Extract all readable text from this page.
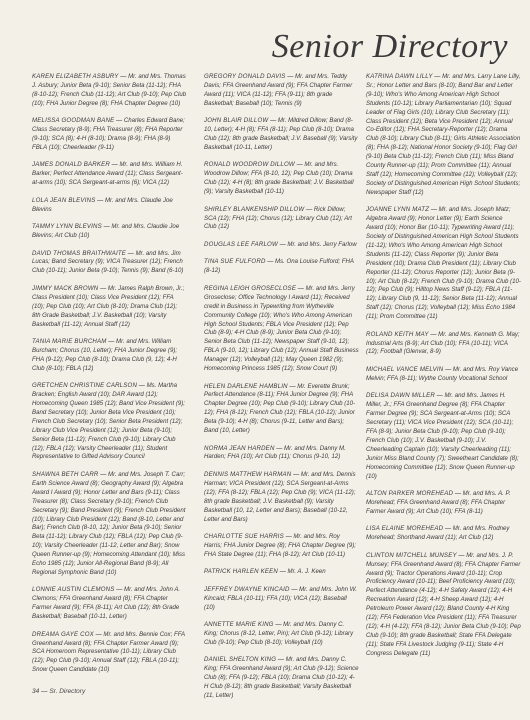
Senior Directory
KAREN ELIZABETH ASBURY — Mr. and Mrs. Thomas J. Asbury; Junior Beta (9-10); Senior Beta (11-12); FHA (8-10-12); French Club (11-12); Art Club (9-10); Pep Club (10); FHA Junior Degree (8); FHA Chapter Degree (10)
MELISSA GOODMAN BANE — Charles Edward Bane; Class Secretary (8-9); FHA Treasurer (8); FHA Reporter (9-10); SCA (8); 4-H (8-10); Drama (8-9); FHA (8-9) FBLA (10); Cheerleader (9-11)
JAMES DONALD BARKER — Mr. and Mrs. William H. Barker; Perfect Attendance Award (11); Class Sergeant-at-arms (10); SCA Sergeant-at-arms (6); VICA (12)
LOLA JEAN BLEVINS — Mr. and Mrs. Claudie Joe Blevins
TAMMY LYNN BLEVINS — Mr. and Mrs. Claudie Joe Blevins; Art Club (10)
DAVID THOMAS BRAITHWAITE — Mr. and Mrs. Jim Lucas; Band Secretary (9); VICA Treasurer (12); French Club (10-11); Junior Beta (9-10); Tennis (9); Band (6-10)
JIMMY MACK BROWN — Mr. James Ralph Brown, Jr.; Class President (10); Class Vice President (12); FFA (10); Pep Club (10); Art Club (8-10); Drama Club (12); 8th Grade Basketball; J.V. Basketball (10); Varsity Basketball (11-12); Annual Staff (12)
TANIA MARIE BURCHAM — Mr. and Mrs. William Burcham; Chorus (10, Letter); FHA Junior Degree (9); FHA (9-12); Pep Club (8-10); Drama Club (9, 12); 4-H Club (8-10); FBLA (12)
GRETCHEN CHRISTINE CARLSON — Ms. Martha Bracken; English Award (10); DAR Award (12); Homecoming Queen 1985 (12); Band Vice President (9); Band Secretary (10); Junior Beta Vice President (10); French Club Secretary (10); Senior Beta President (12); Library Club Vice President (12); Junior Beta (9-10); Senior Beta (11-12); French Club (9-10); Library Club (12); FBLA (12); Varsity Cheerleader (11); Student Representative to Gifted Advisory Council
SHAWNA BETH CARR — Mr. and Mrs. Joseph T. Carr; Earth Science Award (8); Geography Award (9); Algebra Award I Award (9); Honor Letter and Bars (9-11); Class Treasurer (8); Class Secretary (9-10); French Club Secretary (9); Band President (9); French Club President (10); Library Club President (12); Band (8-10, Letter and Bar); French Club (8-10, 12); Junior Beta (9-10); Senior Beta (11-12); Library Club (12); FBLA (12); Pep Club (9-10); Varsity Cheerleader (11-12, Letter and Bar); Snow Queen Runner-up (9); Homecoming Attendant (10); Miss Echo 1985 (12); Junior All-Regional Band (8-9); All Regional Symphonic Band (10)
LONNIE AUSTIN CLEMONS — Mr. and Mrs. John A. Clemons; FFA Greenhand Award (8); FFA Chapter Farmer Award (9); FFA (8-11); Art Club (12); 8th Grade Basketball; Baseball (10-11, Letter)
DREAMA GAYE COX — Mr. and Mrs. Bennie Cox; FFA Greenhand Award (8); FFA Chapter Farmer Award (9); SCA Homeroom Representative (10-11); Library Club (12); Pep Club (9-10); Annual Staff (12); FBLA (10-11); Snow Queen Candidate (10)
GREGORY DONALD DAVIS — Mr. and Mrs. Teddy Davis; FFA Greenhand Award (9); FFA Chapter Farmer Award (11); VICA (11-12); FFA (9-11); 8th grade Basketball; Baseball (10); Tennis (9)
JOHN BLAIR DILLOW — Mr. Mildred Dillow; Band (8-10, Letter); 4-H (8); FFA (8-11); Pep Club (8-10); Drama Club (12); 8th grade Basketball; J.V. Baseball (9); Varsity Basketball (10-11, Letter)
RONALD WOODROW DILLOW — Mr. and Mrs. Woodrow Dillow; FFA (8-10, 12); Pep Club (10); Drama Club (12); 4-H (8); 8th grade Basketball; J.V. Basketball (9); Varsity Basketball (10-11)
SHIRLEY BLANKENSHIP DILLOW — Rick Dillow; SCA (12); FHA (12); Chorus (12); Library Club (12); Art Club (12)
DOUGLAS LEE FARLOW — Mr. and Mrs. Jerry Farlow
TINA SUE FULFORD — Ms. Ona Louise Fulford; FHA (8-12)
REGINA LEIGH GROSECLOSE — Mr. and Mrs. Jerry Groseclose; Office Technology I Award (11); Received credit in Business in Typewriting from Wytheville Community College (10); Who's Who Among American High School Students; FBLA Vice President (12); Pep Club (8-9); 4-H Club (8-9); Junior Beta Club (9-10); Senior Beta Club (11-12); Newspaper Staff (9-10, 12); FBLA (9-10, 12); Library Club (12); Annual Staff Business Manager (12); Volleyball (12); May Queen 1982 (9); Homecoming Princess 1985 (12); Snow Court (9)
HELEN DARLENE HAMBLIN — Mr. Everette Brunk; Perfect Attendance (8-11); FHA Junior Degree (9); FHA Chapter Degree (10); Pep Club (9-10); Library Club (10-12); FHA (8-12); French Club (12); FBLA (10-12); Junior Beta (9-10); 4-H (8); Chorus (9-11, Letter and Bars); Band (10, Letter)
NORMA JEAN HARDEN — Mr. and Mrs. Danny M. Harden; FHA (10); Art Club (11); Chorus (9-10, 12)
DENNIS MATTHEW HARMAN — Mr. and Mrs. Dennis Harman; VICA President (12); SCA Sergeant-at-Arms (12); FFA (8-12); FBLA (12); Pep Club (9); VICA (11-12); 8th grade Basketball; J.V. Basketball (9); Varsity Basketball (10, 12, Letter and Bars); Baseball (10-12, Letter and Bars)
CHARLOTTE SUE HARRIS — Mr. and Mrs. Roy Harris; FHA Junior Degree (8); FHA Chapter Degree (9); FHA State Degree (11); FHA (8-12); Art Club (10-11)
PATRICK HARLEN KEEN — Mr. A. J. Keen
JEFFREY DWAYNE KINCAID — Mr. and Mrs. John W. Kincaid; FBLA (10-11); FFA (10); VICA (12); Baseball (10)
ANNETTE MARIE KING — Mr. and Mrs. Danny C. King; Chorus (8-12, Letter, Pin); Art Club (9-12); Library Club (9-10); Pep Club (8-10); Volleyball (10)
DANIEL SHELTON KING — Mr. and Mrs. Danny C. King; FFA Greenhand Award (9); Art Club (9-12); Science Club (8); FFA (9-12); FBLA (10); Drama Club (10-12); 4-H Club (8-12); 8th grade Basketball; Varsity Basketball (11, Letter)
KATRINA DAWN LILLY — Mr. and Mrs. Larry Lane Lilly, Sr.; Honor Letter and Bars (8-10); Band Bar and Letter (9-10); Who's Who Among American High School Students (10-12); Library Parliamentarian (10); Squad Leader of Flag Girls (10); Library Club Secretary (11); Class President (12); Beta Vice President (12); Annual Co-Editor (12); FHA Secretary-Reporter (12); Drama Club (8-10); Library Club (8-11); Girls Athletic Association (8); FHA (8-12); National Honor Society (9-10); Flag Girl (9-10) Beta Club (11-12); French Club (11); Miss Bland County Runner-up (11); Prom Committee (11); Annual Staff (12); Homecoming Committee (12); Volleyball (12); Society of Distinguished American High School Students; Newspaper Staff (12)
JOANNE LYNN MATZ — Mr. and Mrs. Joseph Matz; Algebra Award (9); Honor Letter (9); Earth Science Award (10); Honor Bar (10-11); Typewriting Award (11); Society of Distinguished American High School Students (11-12); Who's Who Among American High School Students (11-12); Class Reporter (9); Junior Beta President (10); Drama Club President (11); Library Club Reporter (11-12); Chorus Reporter (12); Junior Beta (9-10); Art Club (8-12); French Club (9-10); Drama Club (10-12); Pep Club (9); Hilltop News Staff (9-12); FBLA (11-12); Library Club (9, 11-12); Senior Beta (11-12); Annual Staff (12); Chorus (12); Volleyball (12); Miss Echo 1984 (11); Prom Committee (11)
ROLAND KEITH MAY — Mr. and Mrs. Kenneth G. May; Industrial Arts (8-9); Art Club (10); FFA (10-11); VICA (12); Football (Glenvar, 8-9)
MICHAEL VANCE MELVIN — Mr. and Mrs. Roy Vance Melvin; FFA (8-11); Wythe County Vocational School
DELISA DAWN MILLER — Mr. and Mrs. James H. Miller, Jr.; FFA Greenhand Degree (8); FFA Chapter Farmer Degree (9); SCA Sergeant-at-Arms (10); SCA Secretary (11); VICA Vice President (12); SCA (10-11); FFA (8-9); Junior Beta Club (9-10); Pep Club (9-10); French Club (10); J.V. Basketball (9-10); J.V. Cheerleading Captain (10); Varsity Cheerleading (11); Junior Miss Bland County (7); Sweetheart Candidate (8); Homecoming Committee (12); Snow Queen Runner-up (10)
ALTON PARKER MOREHEAD — Mr. and Mrs. A. P. Morehead; FFA Greenhand Award (8); FFA Chapter Farmer Award (9); Art Club (10); FFA (8-11)
LISA ELAINE MOREHEAD — Mr. and Mrs. Rodney Morehead; Shorthand Award (11); Art Club (12)
CLINTON MITCHELL MUNSEY — Mr. and Mrs. J. P. Munsey; FFA Greenhand Award (8); FFA Chapter Farmer Award (9); Tractor Operations Award (10-11); Crop Proficiency Award (10-11); Beef Proficiency Award (10); Perfect Attendance (4-12); 4-H Safety Award (12); 4-H Recreation Award (12); 4-H Sheep Award (12); 4-H Petroleum Power Award (12); Bland County 4-H King (12); FFA Federation Vice President (11); FFA Treasurer (12); 4-H (4-12); FFA (8-12); Junior Beta Club (9-10); Pep Club (9-10); 8th grade Basketball; State FFA Delegate (11); State FFA Livestock Judging (9-11); State 4-H Congress Delegate (11)
34 — Sr. Directory
